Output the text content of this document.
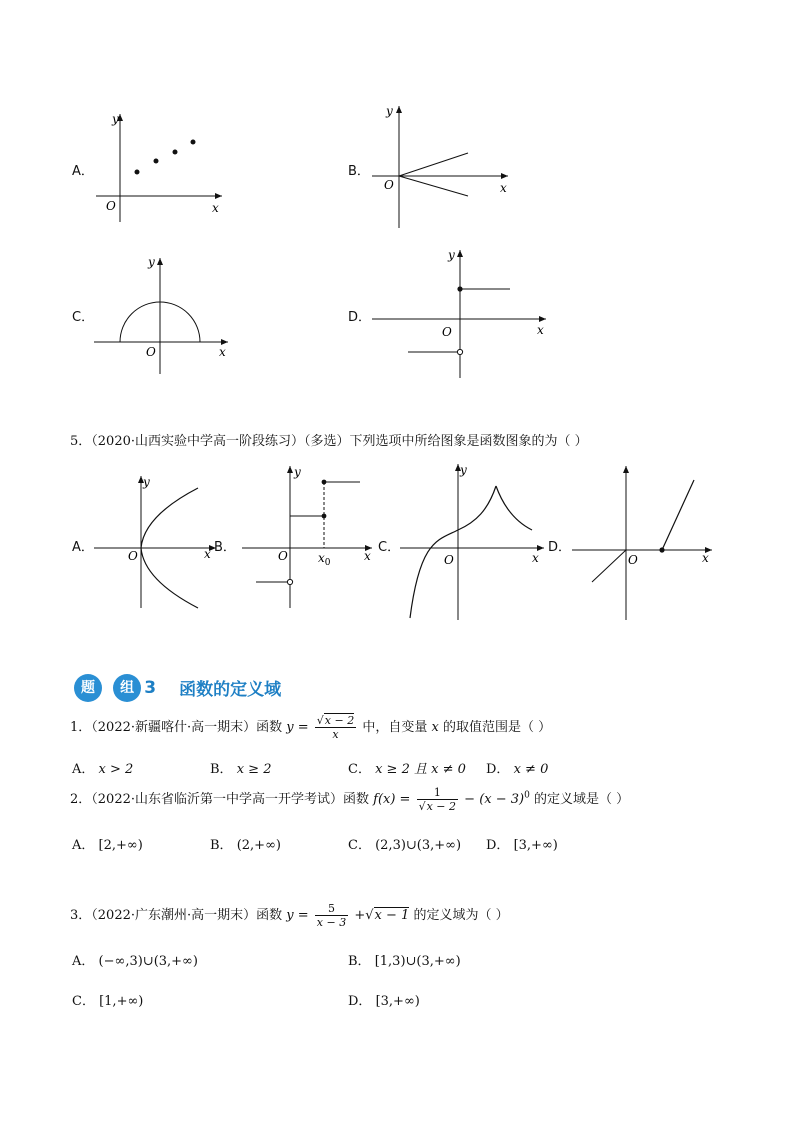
A．
y
x
O
B．
y
x
O
C．
y
x
O
D．
y
x
O
5．（2020·山西实验中学高一阶段练习）（多选）下列选项中所给图象是函数图象的为（ ）
A．
y
x
O
B．
y
x
O	$x_0$
C．
y
x
O
D．
x
O
题 组 3 函数的定义域
1．（2022·新疆喀什·高一期末）函数 $y = \frac{√x - 2}{x}$ 中，自变量 x 的取值范围是（ ）
A． x > 2	B． x ≥ 2	C． x ≥ 2 且 x ≠ 0 D． x ≠ 0
2．（2022·山东省临沂第一中学高一开学考试）函数 $f(x) = \frac{1}{√x - 2} - (x - 3)^0$ 的定义域是（ ）
A． [2,+∞)	B． (2,+∞)	C． (2,3)∪(3,+∞) D． [3,+∞)
3．（2022·广东潮州·高一期末）函数 $y = \frac{5}{x - 3} +√x - 1$ 的定义域为（ ）
A． (−∞,3)∪(3,+∞)	B． [1,3)∪(3,+∞)
C． [1,+∞)	D． [3,+∞)
